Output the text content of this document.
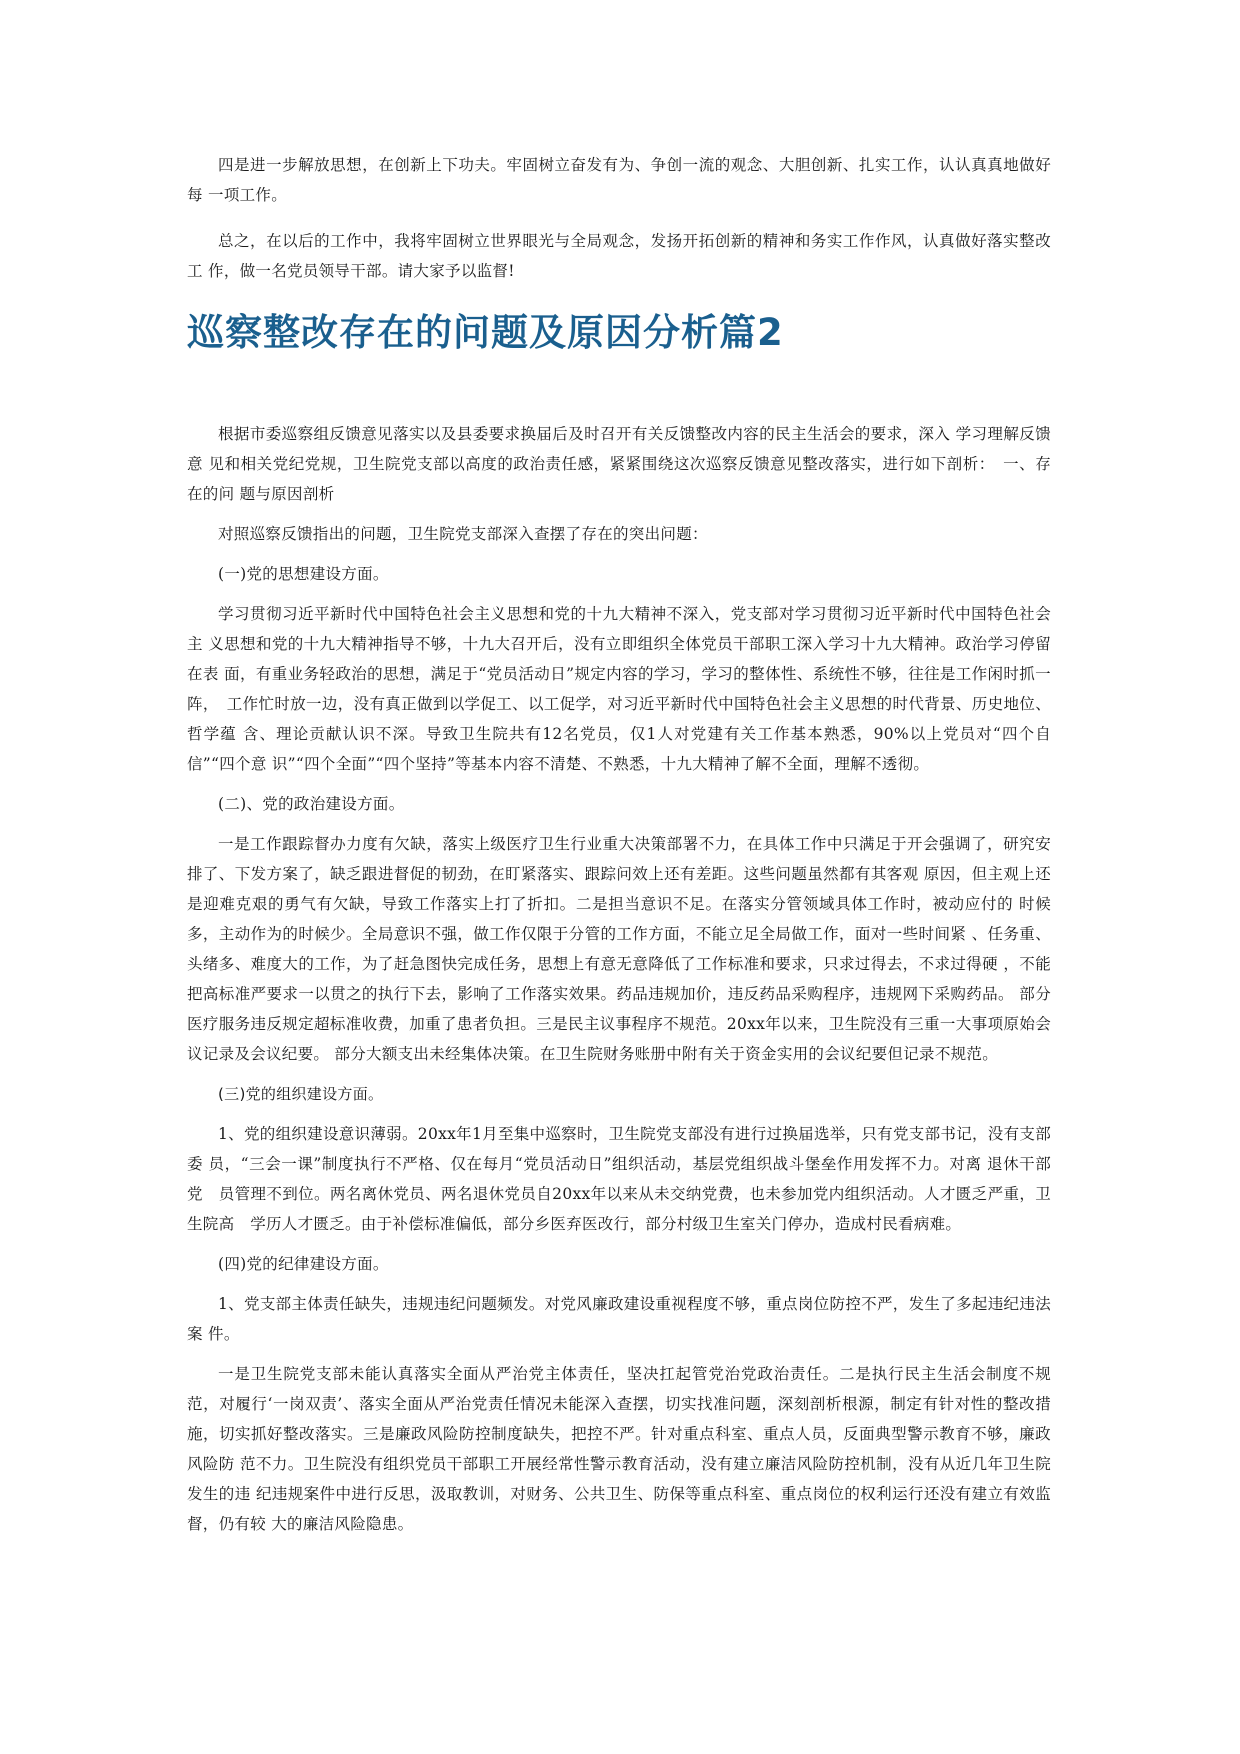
四是进一步解放思想，在创新上下功夫。牢固树立奋发有为、争创一流的观念、大胆创新、扎实工作，认认真真地做好每 一项工作。

总之，在以后的工作中，我将牢固树立世界眼光与全局观念，发扬开拓创新的精神和务实工作作风，认真做好落实整改工 作，做一名党员领导干部。请大家予以监督!

巡察整改存在的问题及原因分析篇2

根据市委巡察组反馈意见落实以及县委要求换届后及时召开有关反馈整改内容的民主生活会的要求，深入 学习理解反馈意 见和相关党纪党规，卫生院党支部以高度的政治责任感，紧紧围绕这次巡察反馈意见整改落实，进行如下剖析：　一、存在的问 题与原因剖析

对照巡察反馈指出的问题，卫生院党支部深入查摆了存在的突出问题：

(一)党的思想建设方面。

学习贯彻习近平新时代中国特色社会主义思想和党的十九大精神不深入，党支部对学习贯彻习近平新时代中国特色社会主 义思想和党的十九大精神指导不够，十九大召开后，没有立即组织全体党员干部职工深入学习十九大精神。政治学习停留在表 面，有重业务轻政治的思想，满足于“党员活动日”规定内容的学习，学习的整体性、系统性不够，往往是工作闲时抓一阵，　工作忙时放一边，没有真正做到以学促工、以工促学，对习近平新时代中国特色社会主义思想的时代背景、历史地位、哲学蕴 含、理论贡献认识不深。导致卫生院共有12名党员，仅1人对党建有关工作基本熟悉，90%以上党员对“四个自信”“四个意 识”“四个全面”“四个坚持”等基本内容不清楚、不熟悉，十九大精神了解不全面，理解不透彻。

(二)、党的政治建设方面。

一是工作跟踪督办力度有欠缺，落实上级医疗卫生行业重大决策部署不力，在具体工作中只满足于开会强调了，研究安排了、下发方案了，缺乏跟进督促的韧劲，在盯紧落实、跟踪问效上还有差距。这些问题虽然都有其客观 原因，但主观上还是迎难克艰的勇气有欠缺，导致工作落实上打了折扣。二是担当意识不足。在落实分管领域具体工作时，被动应付的 时候多，主动作为的时候少。全局意识不强，做工作仅限于分管的工作方面，不能立足全局做工作，面对一些时间紧 、任务重、头绪多、难度大的工作，为了赶急图快完成任务，思想上有意无意降低了工作标准和要求，只求过得去，不求过得硬 ，不能把高标准严要求一以贯之的执行下去，影响了工作落实效果。药品违规加价，违反药品采购程序，违规网下采购药品。 部分医疗服务违反规定超标准收费，加重了患者负担。三是民主议事程序不规范。20xx年以来，卫生院没有三重一大事项原始会议记录及会议纪要。 部分大额支出未经集体决策。在卫生院财务账册中附有关于资金实用的会议纪要但记录不规范。

(三)党的组织建设方面。

1、党的组织建设意识薄弱。20xx年1月至集中巡察时，卫生院党支部没有进行过换届选举，只有党支部书记，没有支部委 员，“三会一课”制度执行不严格、仅在每月“党员活动日”组织活动，基层党组织战斗堡垒作用发挥不力。对离 退休干部党　员管理不到位。两名离休党员、两名退休党员自20xx年以来从未交纳党费，也未参加党内组织活动。人才匮乏严重，卫生院高　学历人才匮乏。由于补偿标准偏低，部分乡医弃医改行，部分村级卫生室关门停办，造成村民看病难。

(四)党的纪律建设方面。

1、党支部主体责任缺失，违规违纪问题频发。对党风廉政建设重视程度不够，重点岗位防控不严，发生了多起违纪违法案 件。

一是卫生院党支部未能认真落实全面从严治党主体责任，坚决扛起管党治党政治责任。二是执行民主生活会制度不规范，对履行‘一岗双责’、落实全面从严治党责任情况未能深入查摆，切实找准问题，深刻剖析根源，制定有针对性的整改措施，切实抓好整改落实。三是廉政风险防控制度缺失，把控不严。针对重点科室、重点人员，反面典型警示教育不够，廉政风险防 范不力。卫生院没有组织党员干部职工开展经常性警示教育活动，没有建立廉洁风险防控机制，没有从近几年卫生院发生的违 纪违规案件中进行反思，汲取教训，对财务、公共卫生、防保等重点科室、重点岗位的权利运行还没有建立有效监督，仍有较 大的廉洁风险隐患。
